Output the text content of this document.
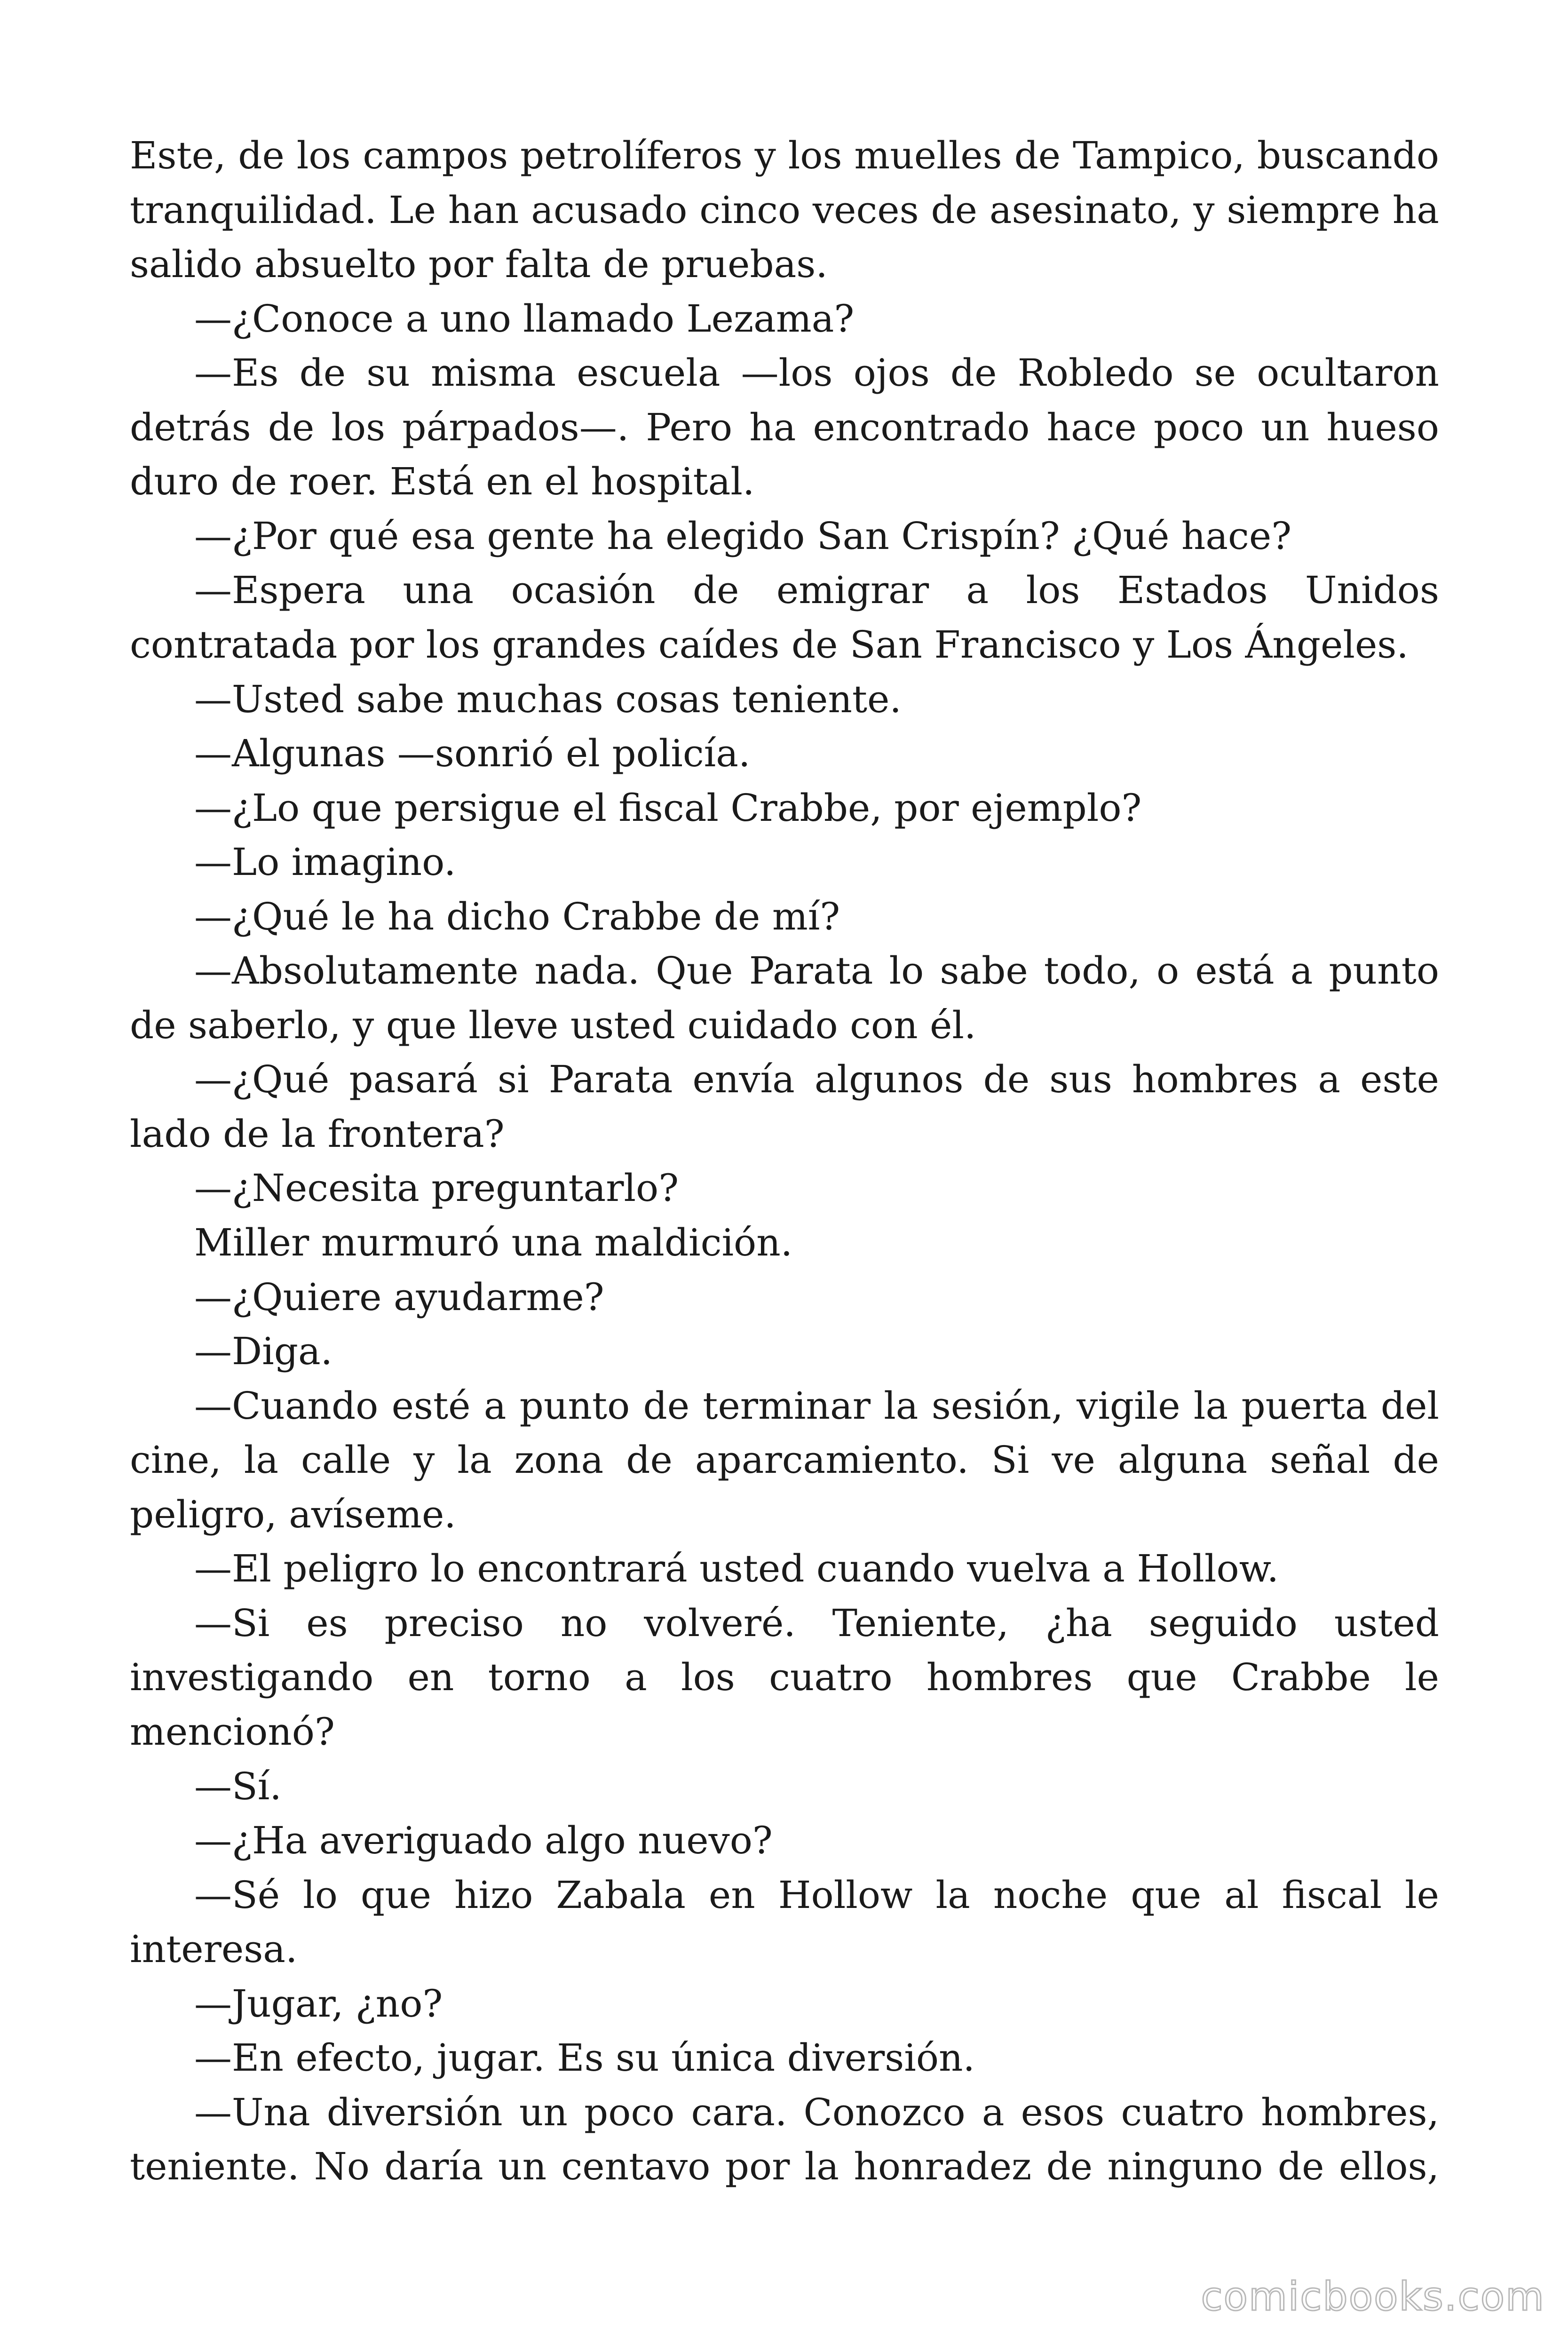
Este, de los campos petrolíferos y los muelles de Tampico, buscando
tranquilidad. Le han acusado cinco veces de asesinato, y siempre ha
salido absuelto por falta de pruebas.
—¿Conoce a uno llamado Lezama?
—Es de su misma escuela —los ojos de Robledo se ocultaron
detrás de los párpados—. Pero ha encontrado hace poco un hueso
duro de roer. Está en el hospital.
—¿Por qué esa gente ha elegido San Crispín? ¿Qué hace?
—Espera una ocasión de emigrar a los Estados Unidos
contratada por los grandes caídes de San Francisco y Los Ángeles.
—Usted sabe muchas cosas teniente.
—Algunas —sonrió el policía.
—¿Lo que persigue el fiscal Crabbe, por ejemplo?
—Lo imagino.
—¿Qué le ha dicho Crabbe de mí?
—Absolutamente nada. Que Parata lo sabe todo, o está a punto
de saberlo, y que lleve usted cuidado con él.
—¿Qué pasará si Parata envía algunos de sus hombres a este
lado de la frontera?
—¿Necesita preguntarlo?
Miller murmuró una maldición.
—¿Quiere ayudarme?
—Diga.
—Cuando esté a punto de terminar la sesión, vigile la puerta del
cine, la calle y la zona de aparcamiento. Si ve alguna señal de
peligro, avíseme.
—El peligro lo encontrará usted cuando vuelva a Hollow.
—Si es preciso no volveré. Teniente, ¿ha seguido usted
investigando en torno a los cuatro hombres que Crabbe le
mencionó?
—Sí.
—¿Ha averiguado algo nuevo?
—Sé lo que hizo Zabala en Hollow la noche que al fiscal le
interesa.
—Jugar, ¿no?
—En efecto, jugar. Es su única diversión.
—Una diversión un poco cara. Conozco a esos cuatro hombres,
teniente. No daría un centavo por la honradez de ninguno de ellos,
comicbooks.com
